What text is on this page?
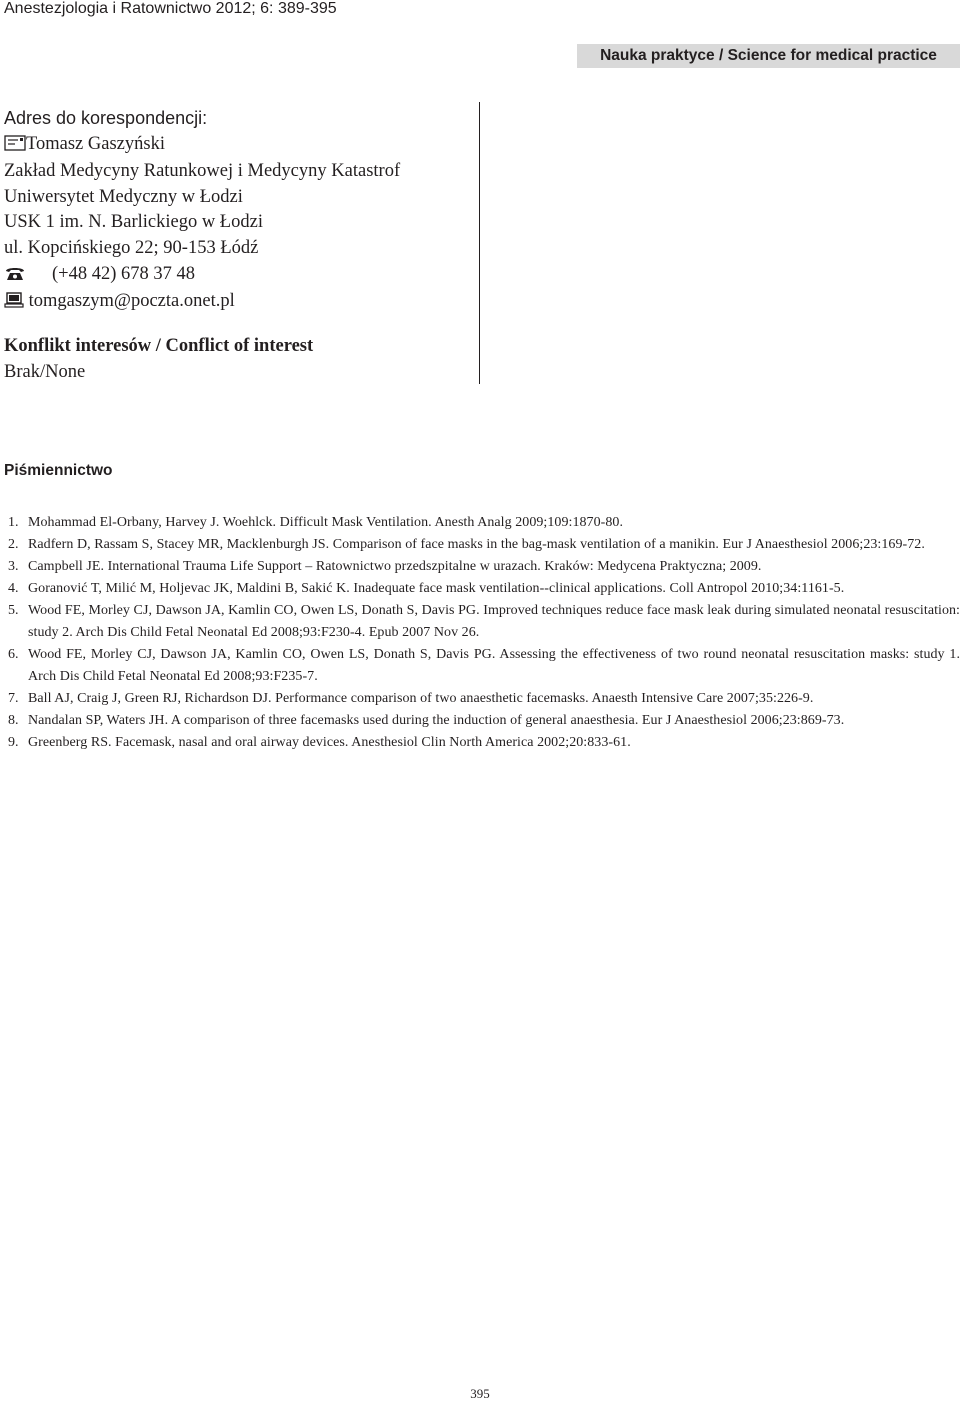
Anestezjologia i Ratownictwo 2012; 6: 389-395
Nauka praktyce / Science for medical practice
Adres do korespondencji:
Tomasz Gaszyński
Zakład Medycyny Ratunkowej i Medycyny Katastrof
Uniwersytet Medyczny w Łodzi
USK 1 im. N. Barlickiego w Łodzi
ul. Kopcińskiego 22; 90-153 Łódź
(+48 42) 678 37 48
tomgaszym@poczta.onet.pl
Konflikt interesów / Conflict of interest
Brak/None
Piśmiennictwo
1. Mohammad El-Orbany, Harvey J. Woehlck. Difficult Mask Ventilation. Anesth Analg 2009;109:1870-80.
2. Radfern D, Rassam S, Stacey MR, Macklenburgh JS. Comparison of face masks in the bag-mask ventilation of a manikin. Eur J Anaesthesiol 2006;23:169-72.
3. Campbell JE. International Trauma Life Support – Ratownictwo przedszpitalne w urazach. Kraków: Medycena Praktyczna; 2009.
4. Goranović T, Milić M, Holjevac JK, Maldini B, Sakić K. Inadequate face mask ventilation--clinical applications. Coll Antropol 2010;34:1161-5.
5. Wood FE, Morley CJ, Dawson JA, Kamlin CO, Owen LS, Donath S, Davis PG. Improved techniques reduce face mask leak during simulated neonatal resuscitation: study 2. Arch Dis Child Fetal Neonatal Ed 2008;93:F230-4. Epub 2007 Nov 26.
6. Wood FE, Morley CJ, Dawson JA, Kamlin CO, Owen LS, Donath S, Davis PG. Assessing the effectiveness of two round neonatal resuscitation masks: study 1. Arch Dis Child Fetal Neonatal Ed 2008;93:F235-7.
7. Ball AJ, Craig J, Green RJ, Richardson DJ. Performance comparison of two anaesthetic facemasks. Anaesth Intensive Care 2007;35:226-9.
8. Nandalan SP, Waters JH. A comparison of three facemasks used during the induction of general anaesthesia. Eur J Anaesthesiol 2006;23:869-73.
9. Greenberg RS. Facemask, nasal and oral airway devices. Anesthesiol Clin North America 2002;20:833-61.
395
